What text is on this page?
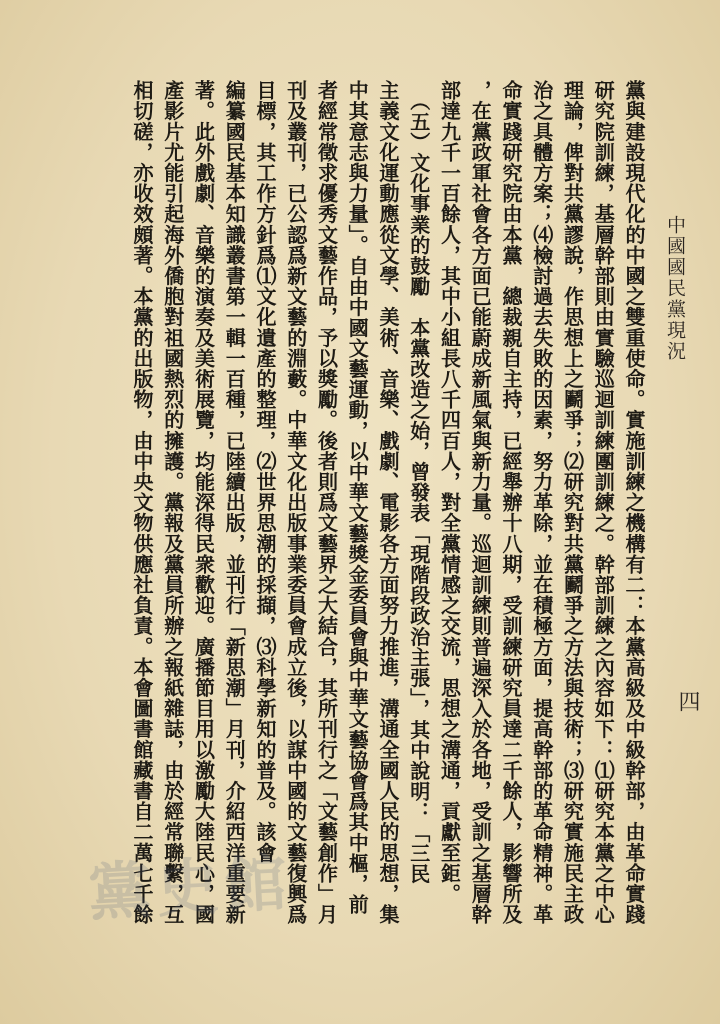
中國國民黨現況
四
黨與建設現代化的中國之雙重使命。實施訓練之機構有二：本黨高級及中級幹部，由革命實踐
研究院訓練，基層幹部則由實驗巡迴訓練團訓練之。幹部訓練之內容如下：⑴研究本黨之中心
理論，俾對共黨謬說，作思想上之鬬爭；⑵研究對共黨鬬爭之方法與技術；⑶研究實施民主政
治之具體方案；⑷檢討過去失敗的因素，努力革除，並在積極方面，提高幹部的革命精神。革
命實踐研究院由本黨　總裁親自主持，已經舉辦十八期，受訓練研究員達二千餘人，影響所及
，在黨政軍社會各方面已能蔚成新風氣與新力量。巡迴訓練則普遍深入於各地，受訓之基層幹
部達九千一百餘人，其中小組長八千四百人，對全黨情感之交流，思想之溝通，貢獻至鉅。
　（五）文化事業的鼓勵　本黨改造之始，曾發表「現階段政治主張」，其中說明：「三民
主義文化運動應從文學、美術、音樂、戲劇、電影各方面努力推進，溝通全國人民的思想，集
中其意志與力量」。自由中國文藝運動，以中華文藝獎金委員會與中華文藝協會爲其中樞，前
者經常徵求優秀文藝作品，予以獎勵。後者則爲文藝界之大結合，其所刊行之「文藝創作」月
刊及叢刊，已公認爲新文藝的淵藪。中華文化出版事業委員會成立後，以謀中國的文藝復興爲
目標，其工作方針爲⑴文化遺產的整理，⑵世界思潮的採擷，⑶科學新知的普及。該會
編纂國民基本知識叢書第一輯一百種，已陸續出版，並刊行「新思潮」月刊，介紹西洋重要新
著。此外戲劇、音樂的演奏及美術展覽，均能深得民衆歡迎。廣播節目用以激勵大陸民心，國
產影片尤能引起海外僑胞對祖國熱烈的擁護。黨報及黨員所辦之報紙雜誌，由於經常聯繫，互
相切磋，亦收效頗著。本黨的出版物，由中央文物供應社負責。本會圖書館藏書自二萬七千餘
黨史館
